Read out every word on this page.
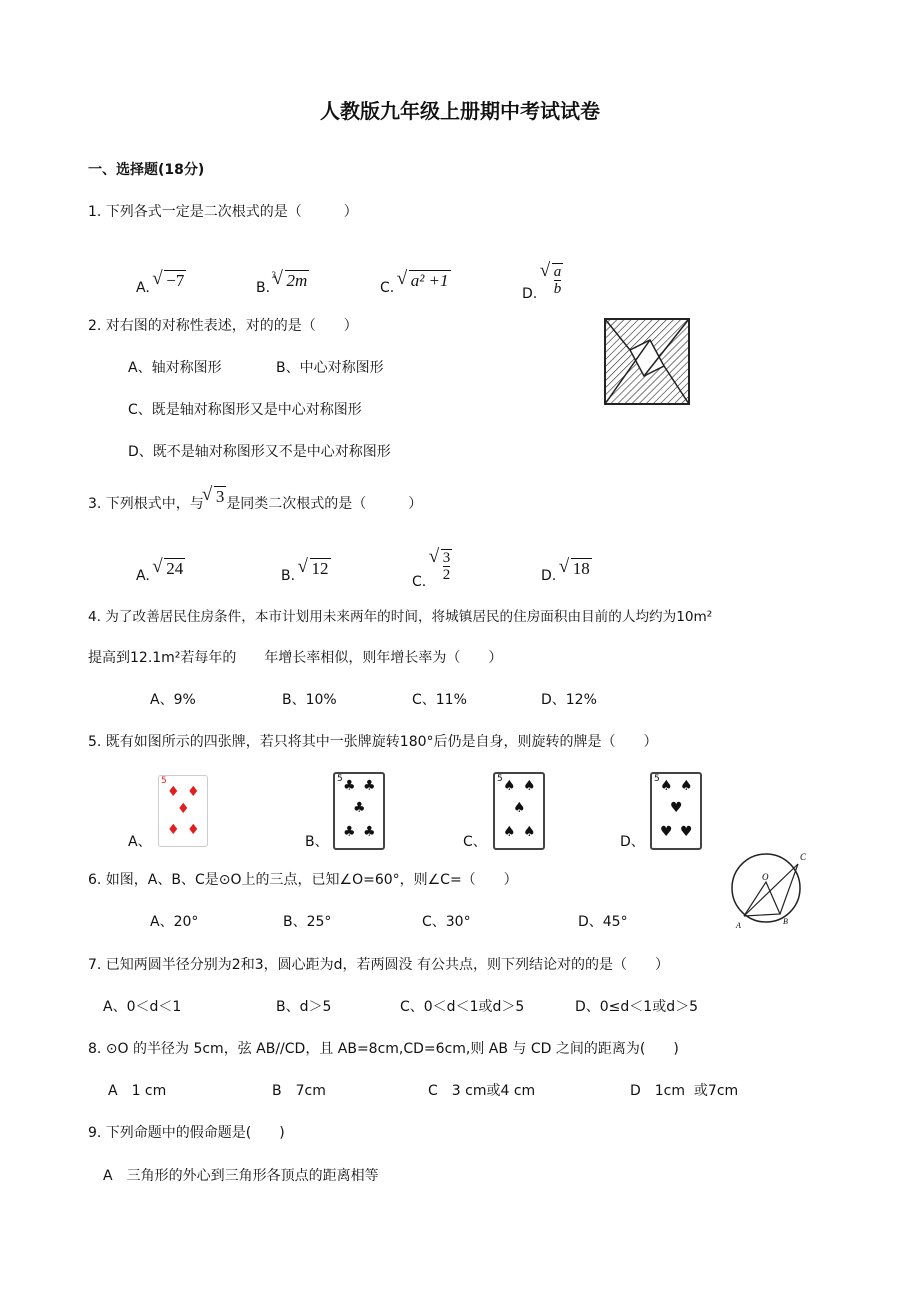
人教版九年级上册期中考试试卷
一、选择题(18分)
1. 下列各式一定是二次根式的是（　　　）
A. √ −7	B.
√ 3 2m	C. √ a² +1
D. √ $\frac{a}{b}$
2. 对右图的对称性表述，对的的是（　　）
A、轴对称图形	B、中心对称图形
C、既是轴对称图形又是中心对称图形
D、既不是轴对称图形又不是中心对称图形
3. 下列根式中，与 √ 3 是同类二次根式的是（　　　）
A. √ 24	B. √ 12
C. √ $\frac{3}{2}$	D. √ 18
4. 为了改善居民住房条件，本市计划用未来两年的时间，将城镇居民的住房面积由目前的人均约为10m²
提高到12.1m²若每年的　　年增长率相似，则年增长率为（　　）
A、9%	B、10%	C、11%	D、12%
5. 既有如图所示的四张牌，若只将其中一张牌旋转180°后仍是自身，则旋转的牌是（　　）
A、	B、	C、	D、
5
♦ ♦
♦
♦ ♦
5 ♣ ♣
♣
♣ ♣
5 ♠ ♠
♠
♠ ♠
5 ♠ ♠
♥
♥ ♥
6. 如图，A、B、C是⊙O上的三点，已知∠O=60°，则∠C=（　　）
A、20°	B、25°	C、30°	D、45°
O
A	B
C
7. 已知两圆半径分别为2和3，圆心距为d，若两圆没 有公共点，则下列结论对的的是（　　）
A、0＜d＜1	B、d＞5	C、0＜d＜1或d＞5	D、0≤d＜1或d＞5
8. ⊙O 的半径为 5cm，弦 AB//CD，且 AB=8cm,CD=6cm,则 AB 与 CD 之间的距离为(　　)
A　1 cm	B　7cm	C　3 cm或4 cm	D　1cm  或7cm
9. 下列命题中的假命题是(　　)
A　三角形的外心到三角形各顶点的距离相等
